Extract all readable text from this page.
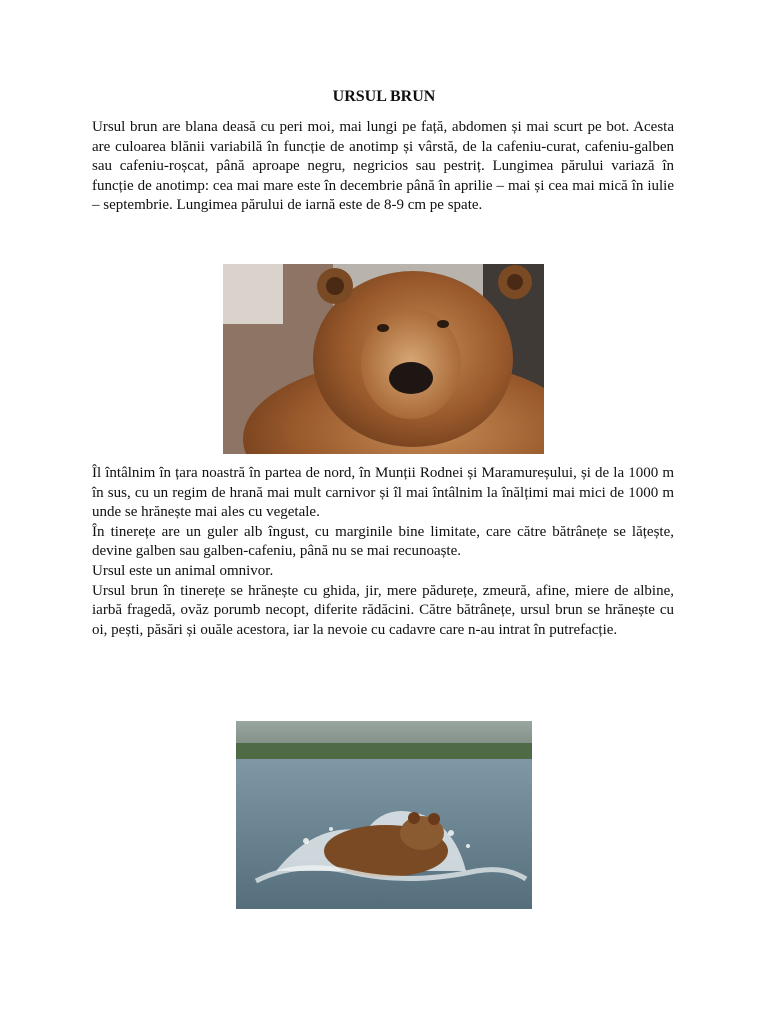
URSUL BRUN

Ursul brun are blana deasă cu peri moi, mai lungi pe față, abdomen și mai scurt pe bot. Acesta are culoarea blănii variabilă în funcție de anotimp și vârstă, de la cafeniu-curat, cafeniu-galben sau cafeniu-roșcat, până aproape negru, negricios sau pestriț. Lungimea părului variază în funcție de anotimp: cea mai mare este în decembrie până în aprilie – mai și cea mai mică în iulie – septembrie. Lungimea părului de iarnă este de 8-9 cm pe spate.

Îl întâlnim în țara noastră în partea de nord, în Munții Rodnei și Maramureșului, și de la 1000 m în sus, cu un regim de hrană mai mult carnivor și îl mai întâlnim la înălțimi mai mici de 1000 m unde se hrănește mai ales cu vegetale.
În tinerețe are un guler alb îngust, cu marginile bine limitate, care către bătrânețe se lățește, devine galben sau galben-cafeniu, până nu se mai recunoaște.
Ursul este un animal omnivor.
Ursul brun în tinerețe se hrănește cu ghida, jir, mere pădurețe, zmeură, afine, miere de albine, iarbă fragedă, ovăz porumb necopt, diferite rădăcini. Către bătrânețe, ursul brun se hrănește cu oi, pești, păsări și ouăle acestora, iar la nevoie cu cadavre care n-au intrat în putrefacție.
